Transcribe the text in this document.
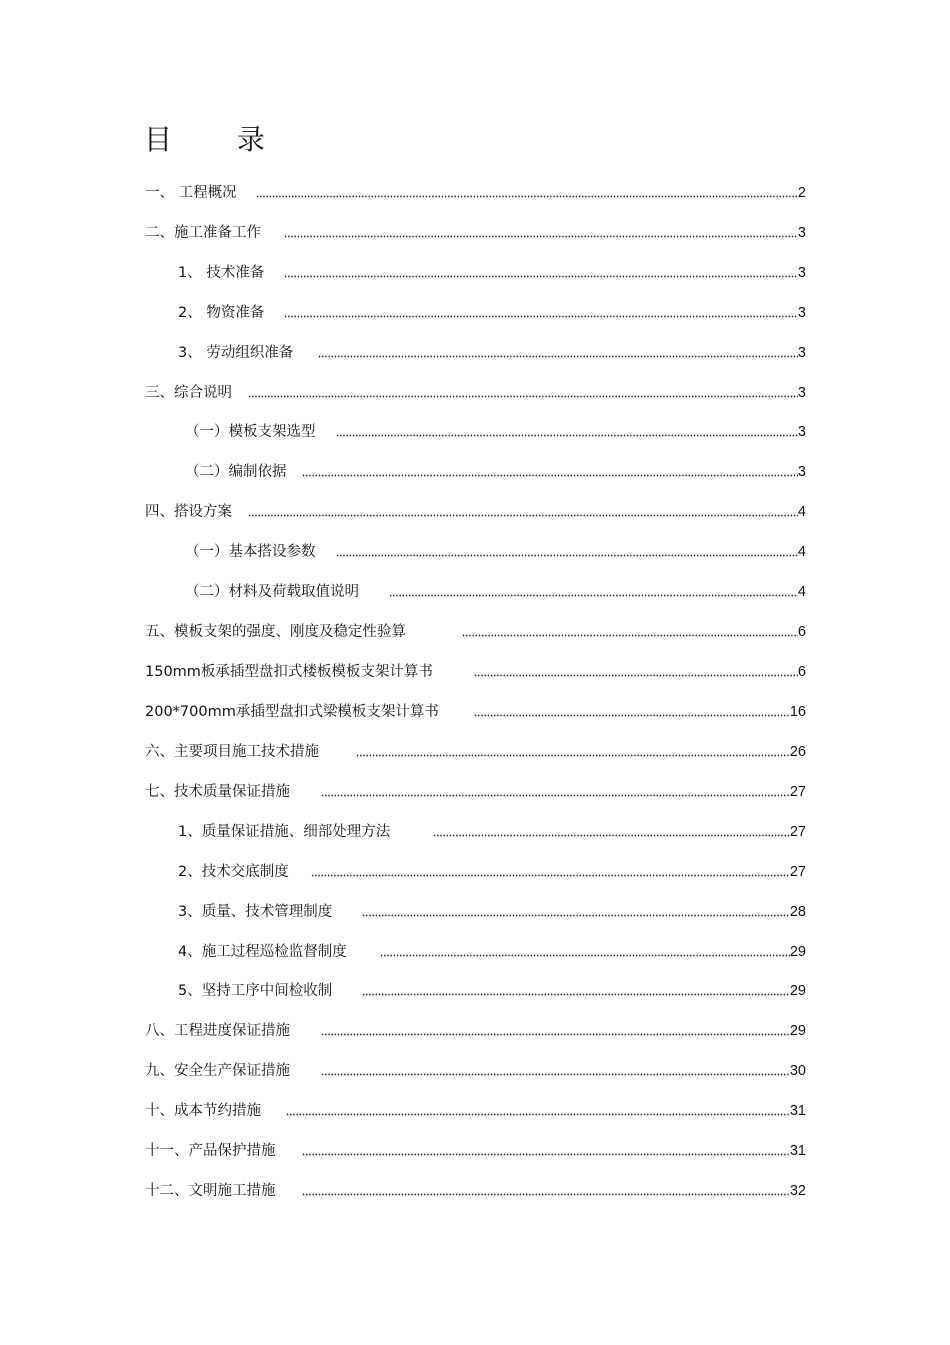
目 录
一、 工程概况	2
二、施工准备工作	3
1、 技术准备	3
2、 物资准备	3
3、 劳动组织准备	3
三、综合说明	3
（一）模板支架选型	3
（二）编制依据	3
四、搭设方案	4
（一）基本搭设参数	4
（二）材料及荷载取值说明	4
五、模板支架的强度、刚度及稳定性验算	6
150mm板承插型盘扣式楼板模板支架计算书	6
200*700mm承插型盘扣式梁模板支架计算书	16
六、主要项目施工技术措施	26
七、技术质量保证措施	27
1、质量保证措施、细部处理方法	27
2、技术交底制度	27
3、质量、技术管理制度	28
4、施工过程巡检监督制度	29
5、坚持工序中间检收制	29
八、工程进度保证措施	29
九、安全生产保证措施	30
十、成本节约措施	31
十一、产品保护措施	31
十二、文明施工措施	32
